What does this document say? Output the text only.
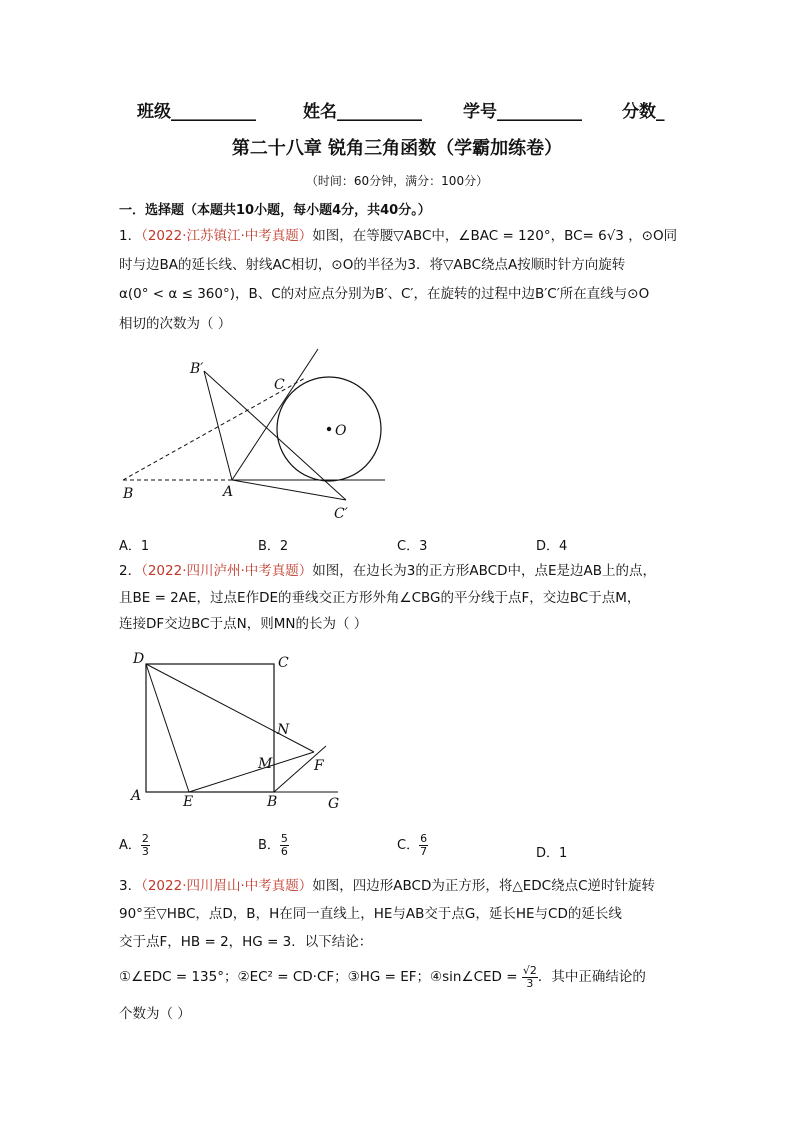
班级__________	姓名__________ 学号__________ 分数_
第二十八章 锐角三角函数（学霸加练卷）
（时间：60分钟，满分：100分）
一．选择题（本题共10小题，每小题4分，共40分。）
1．（2022·江苏镇江·中考真题）如图，在等腰▽ABC中，∠BAC = 120°，BC= 6√3 ，⊙O同
时与边BA的延长线、射线AC相切，⊙O的半径为3．将▽ABC绕点A按顺时针方向旋转
α(0° < α ≤ 360°)，B、C的对应点分别为B′、C′，在旋转的过程中边B′C′所在直线与⊙O
相切的次数为（ ）
B′
C
O
B	A
C′
D	C
N
M	F
A	E	B	G
A．1	B．2	C．3	D．4
2．（2022·四川泸州·中考真题）如图，在边长为3的正方形ABCD中，点E是边AB上的点，
且BE = 2AE，过点E作DE的垂线交正方形外角∠CBG的平分线于点F，交边BC于点M，
连接DF交边BC于点N，则MN的长为（ ）
A． $\frac{2}{3}$	B． $\frac{5}{6}$	C． $\frac{6}{7}$	D．1
3．（2022·四川眉山·中考真题）如图，四边形ABCD为正方形，将△EDC绕点C逆时针旋转
90°至▽HBC，点D，B，H在同一直线上，HE与AB交于点G，延长HE与CD的延长线
交于点F，HB = 2，HG = 3．以下结论：
①∠EDC = 135°；②EC² = CD·CF；③HG = EF；④sin∠CED = $\frac{√2}{3}$ ．其中正确结论的
个数为（ ）
